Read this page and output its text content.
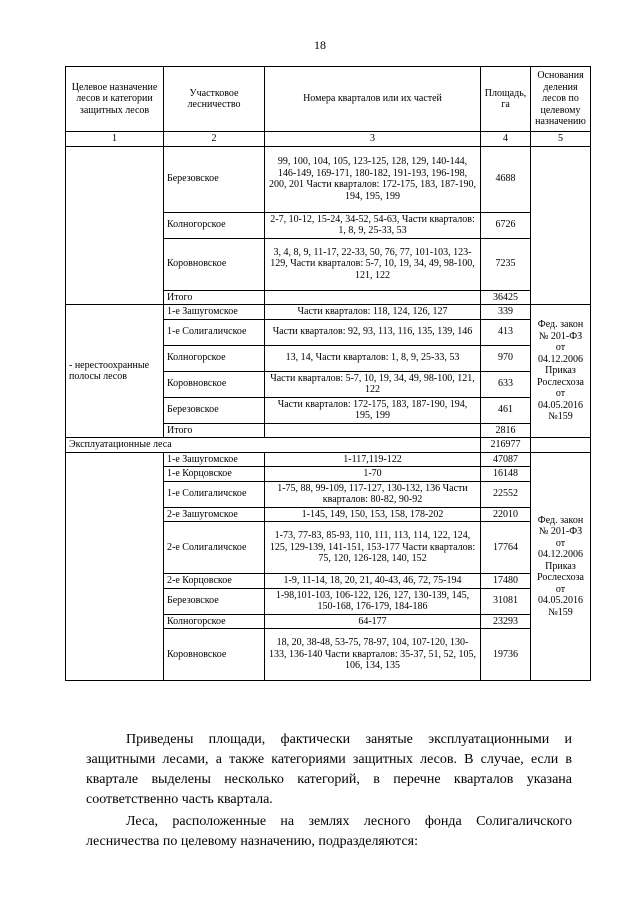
18
Целевое назначение лесов и категории защитных лесов	Участковое лесничество	Номера кварталов или их частей	Площадь, га	Основания деления лесов по целевому назначению
1	2	3	4	5
	Березовское	99, 100, 104, 105, 123-125, 128, 129, 140-144, 146-149, 169-171, 180-182, 191-193, 196-198, 200, 201 Части кварталов: 172-175, 183, 187-190, 194, 195, 199	4688	
	Колногорское	2-7, 10-12, 15-24, 34-52, 54-63, Части кварталов: 1, 8, 9, 25-33, 53	6726	
	Коровновское	3, 4, 8, 9, 11-17, 22-33, 50, 76, 77, 101-103, 123-129, Части кварталов: 5-7, 10, 19, 34, 49, 98-100, 121, 122	7235	
	Итого		36425	
- нерестоохранные полосы лесов	1-е Зашугомское	Части кварталов: 118, 124, 126, 127	339	Фед. закон № 201-ФЗ от 04.12.2006 Приказ Рослесхоза от 04.05.2016 №159
	1-е Солигаличское	Части кварталов: 92, 93, 113, 116, 135, 139, 146	413	
	Колногорское	13, 14, Части кварталов: 1, 8, 9, 25-33, 53	970	
	Коровновское	Части кварталов: 5-7, 10, 19, 34, 49, 98-100, 121, 122	633	
	Березовское	Части кварталов: 172-175, 183, 187-190, 194, 195, 199	461	
	Итого		2816	
Эксплуатационные леса			216977	
	1-е Зашугомское	1-117,119-122	47087	Фед. закон № 201-ФЗ от 04.12.2006 Приказ Рослесхоза от 04.05.2016 №159
	1-е Корцовское	1-70	16148	
	1-е Солигаличское	1-75, 88, 99-109, 117-127, 130-132, 136 Части кварталов: 80-82, 90-92	22552	
	2-е Зашугомское	1-145, 149, 150, 153, 158, 178-202	22010	
	2-е Солигаличское	1-73, 77-83, 85-93, 110, 111, 113, 114, 122, 124, 125, 129-139, 141-151, 153-177 Части кварталов: 75, 120, 126-128, 140, 152	17764	
	2-е Корцовское	1-9, 11-14, 18, 20, 21, 40-43, 46, 72, 75-194	17480	
	Березовское	1-98,101-103, 106-122, 126, 127, 130-139, 145, 150-168, 176-179, 184-186	31081	
	Колногорское	64-177	23293	
	Коровновское	18, 20, 38-48, 53-75, 78-97, 104, 107-120, 130-133, 136-140 Части кварталов: 35-37, 51, 52, 105, 106, 134, 135	19736	
Приведены площади, фактически занятые эксплуатационными и защитными лесами, а также категориями защитных лесов. В случае, если в квартале выделены несколько категорий, в перечне кварталов указана соответственно часть квартала.
Леса, расположенные на землях лесного фонда Солигаличского лесничества по целевому назначению, подразделяются:
